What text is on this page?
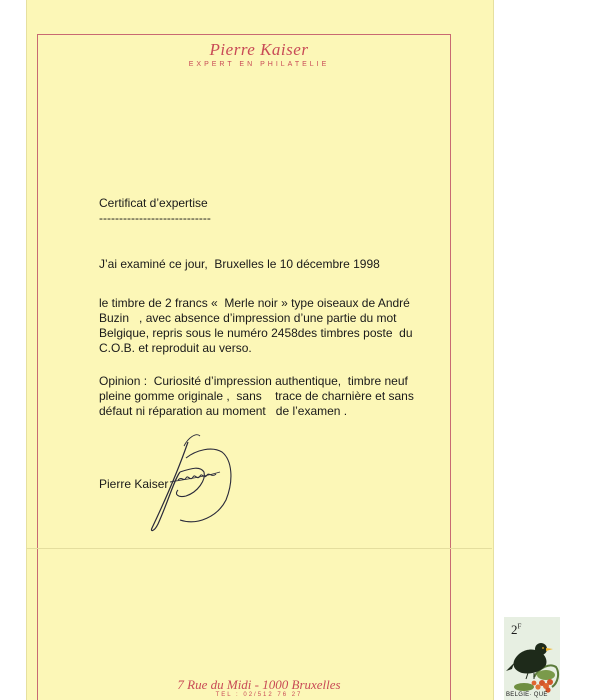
Pierre Kaiser
EXPERT EN PHILATELIE
Certificat d’expertise
----------------------------
J’ai examiné ce jour,  Bruxelles le 10 décembre 1998
le timbre de 2 francs «  Merle noir » type oiseaux de André
Buzin   , avec absence d’impression d’une partie du mot
Belgique, repris sous le numéro 2458des timbres poste  du
C.O.B. et reproduit au verso.
Opinion :  Curiosité d’impression authentique,  timbre neuf
pleine gomme originale ,  sans    trace de charnière et sans
défaut ni réparation au moment   de l’examen .
Pierre Kaiser
7 Rue du Midi - 1000 Bruxelles
TEL : 02/512 76 27
$2^F$
BELGIE· QUE
